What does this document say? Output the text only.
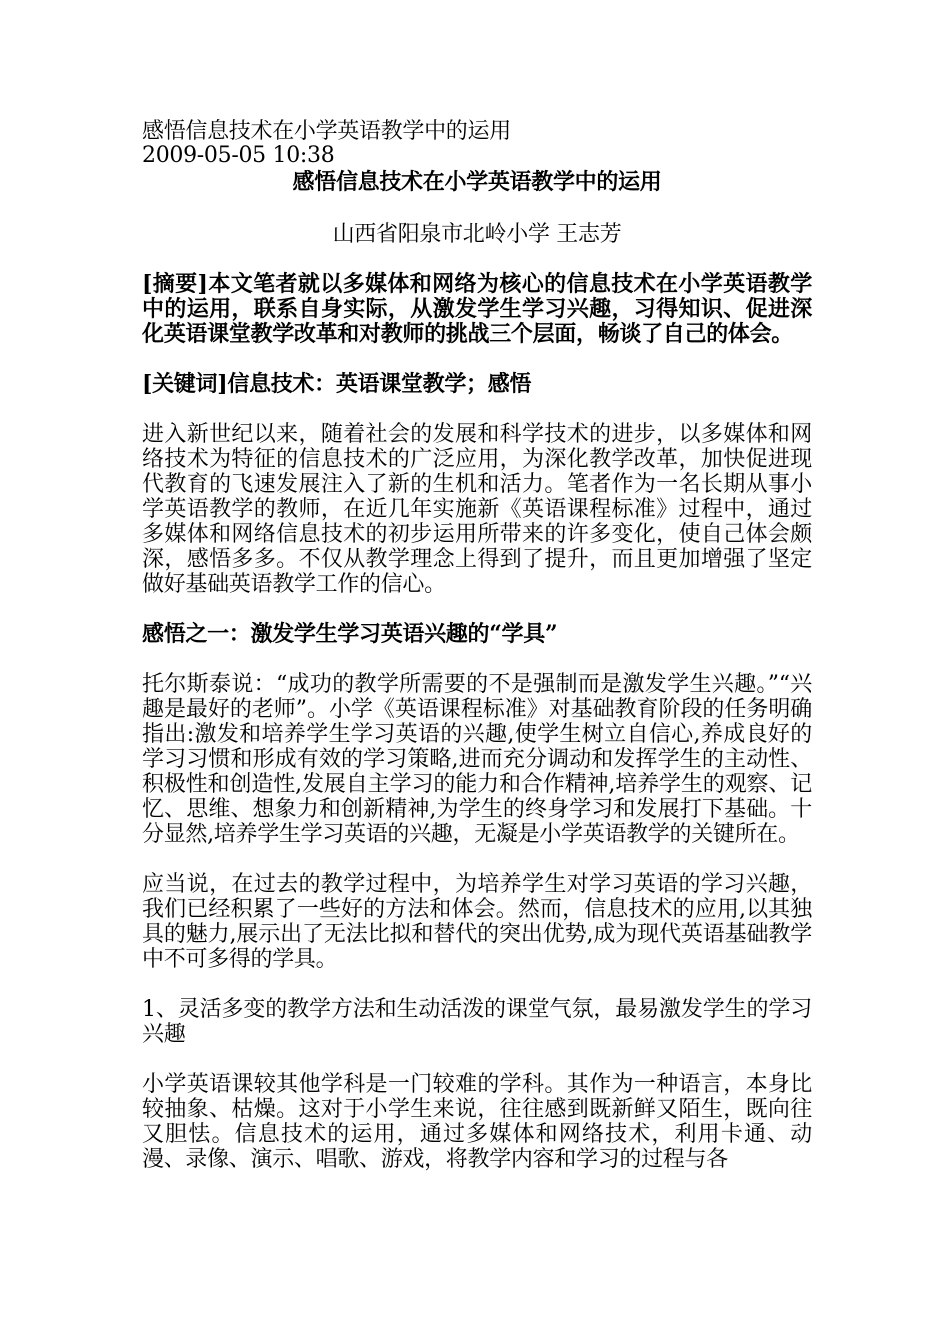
感悟信息技术在小学英语教学中的运用

2009-05-05 10:38

感悟信息技术在小学英语教学中的运用

山西省阳泉市北岭小学 王志芳

[摘要]本文笔者就以多媒体和网络为核心的信息技术在小学英语教学中的运用，联系自身实际，从激发学生学习兴趣，习得知识、促进深化英语课堂教学改革和对教师的挑战三个层面，畅谈了自己的体会。

[关键词]信息技术：英语课堂教学；感悟

进入新世纪以来，随着社会的发展和科学技术的进步，以多媒体和网络技术为特征的信息技术的广泛应用，为深化教学改革，加快促进现代教育的飞速发展注入了新的生机和活力。笔者作为一名长期从事小学英语教学的教师，在近几年实施新《英语课程标准》过程中，通过多媒体和网络信息技术的初步运用所带来的许多变化，使自己体会颇深，感悟多多。不仅从教学理念上得到了提升，而且更加增强了坚定做好基础英语教学工作的信心。

感悟之一：激发学生学习英语兴趣的“学具”

托尔斯泰说：“成功的教学所需要的不是强制而是激发学生兴趣。”“兴趣是最好的老师”。小学《英语课程标准》对基础教育阶段的任务明确指出:激发和培养学生学习英语的兴趣,使学生树立自信心,养成良好的学习习惯和形成有效的学习策略,进而充分调动和发挥学生的主动性、积极性和创造性,发展自主学习的能力和合作精神,培养学生的观察、记忆、思维、想象力和创新精神,为学生的终身学习和发展打下基础。十分显然,培养学生学习英语的兴趣，无凝是小学英语教学的关键所在。

应当说，在过去的教学过程中，为培养学生对学习英语的学习兴趣，我们已经积累了一些好的方法和体会。然而，信息技术的应用,以其独具的魅力,展示出了无法比拟和替代的突出优势,成为现代英语基础教学中不可多得的学具。

1、灵活多变的教学方法和生动活泼的课堂气氛，最易激发学生的学习兴趣

小学英语课较其他学科是一门较难的学科。其作为一种语言，本身比较抽象、枯燥。这对于小学生来说，往往感到既新鲜又陌生，既向往又胆怯。信息技术的运用，通过多媒体和网络技术，利用卡通、动漫、录像、演示、唱歌、游戏，将教学内容和学习的过程与各
